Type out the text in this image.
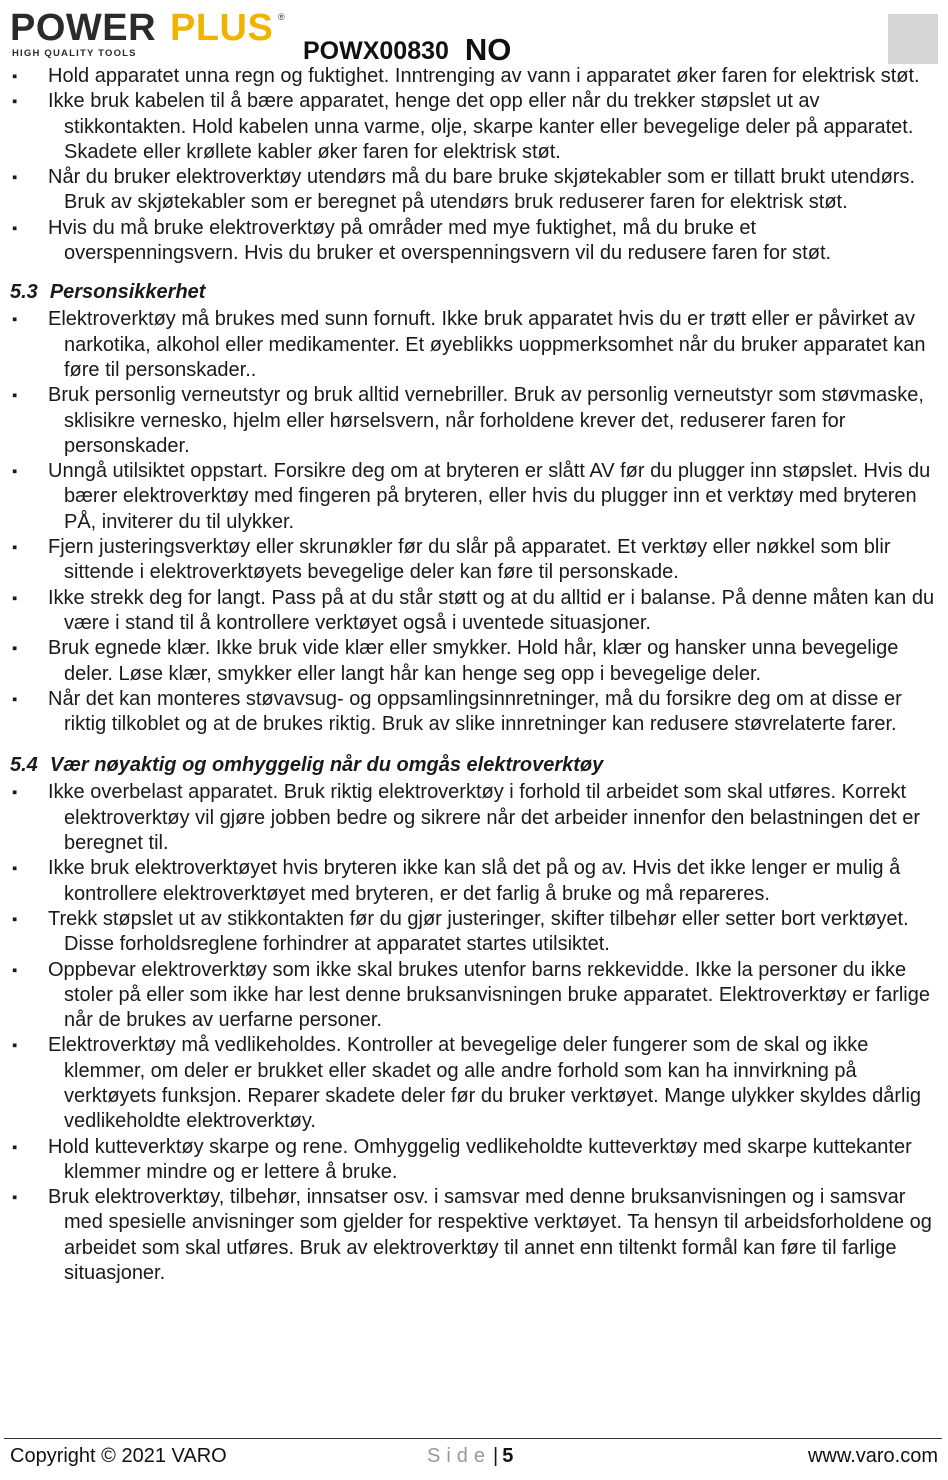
POWER PLUS ®
HIGH QUALITY TOOLS	POWX00830 NO
▪ Hold apparatet unna regn og fuktighet. Inntrenging av vann i apparatet øker faren for elektrisk støt.
▪ Ikke bruk kabelen til å bære apparatet, henge det opp eller når du trekker støpslet ut av stikkontakten. Hold kabelen unna varme, olje, skarpe kanter eller bevegelige deler på apparatet. Skadete eller krøllete kabler øker faren for elektrisk støt.
▪ Når du bruker elektroverktøy utendørs må du bare bruke skjøtekabler som er tillatt brukt utendørs. Bruk av skjøtekabler som er beregnet på utendørs bruk reduserer faren for elektrisk støt.
▪ Hvis du må bruke elektroverktøy på områder med mye fuktighet, må du bruke et overspenningsvern. Hvis du bruker et overspenningsvern vil du redusere faren for støt.
5.3 Personsikkerhet
▪ Elektroverktøy må brukes med sunn fornuft. Ikke bruk apparatet hvis du er trøtt eller er påvirket av narkotika, alkohol eller medikamenter. Et øyeblikks uoppmerksomhet når du bruker apparatet kan føre til personskader..
▪ Bruk personlig verneutstyr og bruk alltid vernebriller. Bruk av personlig verneutstyr som støvmaske, sklisikre vernesko, hjelm eller hørselsvern, når forholdene krever det, reduserer faren for personskader.
▪ Unngå utilsiktet oppstart. Forsikre deg om at bryteren er slått AV før du plugger inn støpslet. Hvis du bærer elektroverktøy med fingeren på bryteren, eller hvis du plugger inn et verktøy med bryteren PÅ, inviterer du til ulykker.
▪ Fjern justeringsverktøy eller skrunøkler før du slår på apparatet. Et verktøy eller nøkkel som blir sittende i elektroverktøyets bevegelige deler kan føre til personskade.
▪ Ikke strekk deg for langt. Pass på at du står støtt og at du alltid er i balanse. På denne måten kan du være i stand til å kontrollere verktøyet også i uventede situasjoner.
▪ Bruk egnede klær. Ikke bruk vide klær eller smykker. Hold hår, klær og hansker unna bevegelige deler. Løse klær, smykker eller langt hår kan henge seg opp i bevegelige deler.
▪ Når det kan monteres støvavsug- og oppsamlingsinnretninger, må du forsikre deg om at disse er riktig tilkoblet og at de brukes riktig. Bruk av slike innretninger kan redusere støvrelaterte farer.
5.4 Vær nøyaktig og omhyggelig når du omgås elektroverktøy
▪ Ikke overbelast apparatet. Bruk riktig elektroverktøy i forhold til arbeidet som skal utføres. Korrekt elektroverktøy vil gjøre jobben bedre og sikrere når det arbeider innenfor den belastningen det er beregnet til.
▪ Ikke bruk elektroverktøyet hvis bryteren ikke kan slå det på og av. Hvis det ikke lenger er mulig å kontrollere elektroverktøyet med bryteren, er det farlig å bruke og må repareres.
▪ Trekk støpslet ut av stikkontakten før du gjør justeringer, skifter tilbehør eller setter bort verktøyet. Disse forholdsreglene forhindrer at apparatet startes utilsiktet.
▪ Oppbevar elektroverktøy som ikke skal brukes utenfor barns rekkevidde. Ikke la personer du ikke stoler på eller som ikke har lest denne bruksanvisningen bruke apparatet. Elektroverktøy er farlige når de brukes av uerfarne personer.
▪ Elektroverktøy må vedlikeholdes. Kontroller at bevegelige deler fungerer som de skal og ikke klemmer, om deler er brukket eller skadet og alle andre forhold som kan ha innvirkning på verktøyets funksjon. Reparer skadete deler før du bruker verktøyet. Mange ulykker skyldes dårlig vedlikeholdte elektroverktøy.
▪ Hold kutteverktøy skarpe og rene. Omhyggelig vedlikeholdte kutteverktøy med skarpe kuttekanter klemmer mindre og er lettere å bruke.
▪ Bruk elektroverktøy, tilbehør, innsatser osv. i samsvar med denne bruksanvisningen og i samsvar med spesielle anvisninger som gjelder for respektive verktøyet. Ta hensyn til arbeidsforholdene og arbeidet som skal utføres. Bruk av elektroverktøy til annet enn tiltenkt formål kan føre til farlige situasjoner.
Copyright © 2021 VARO	Side | 5	www.varo.com
